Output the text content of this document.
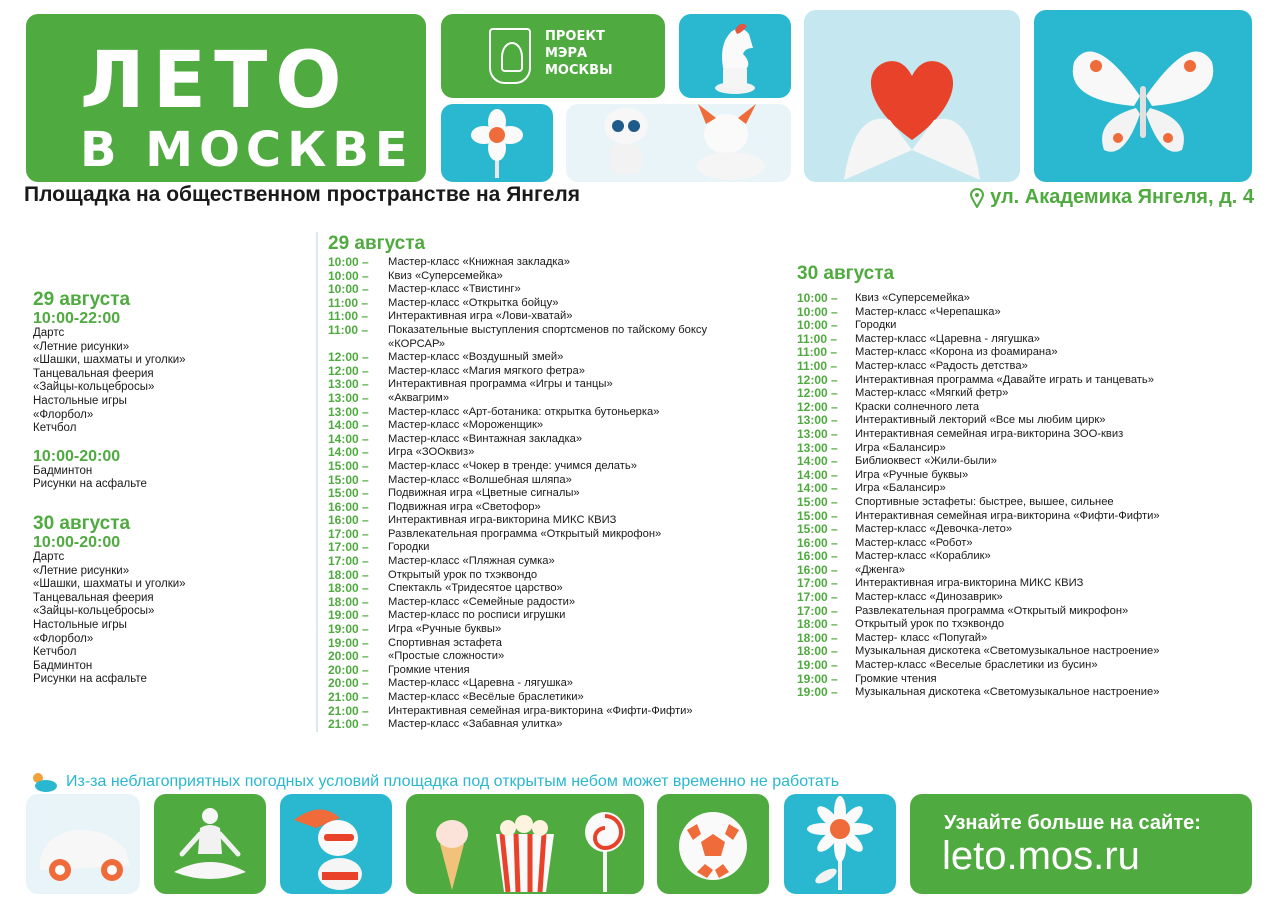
ЛЕТО
В МОСКВЕ
ПРОЕКТ
МЭРА
МОСКВЫ
Площадка на общественном пространстве на Янгеля	ул. Академика Янгеля, д. 4
29 августа
10:00-22:00
Дартс
«Летние рисунки»
«Шашки, шахматы и уголки»
Танцевальная феерия
«Зайцы-кольцебросы»
Настольные игры
«Флорбол»
Кетчбол
10:00-20:00
Бадминтон
Рисунки на асфальте
30 августа
10:00-20:00
Дартс
«Летние рисунки»
«Шашки, шахматы и уголки»
Танцевальная феерия
«Зайцы-кольцебросы»
Настольные игры
«Флорбол»
Кетчбол
Бадминтон
Рисунки на асфальте
29 августа
10:00 –	Мастер-класс «Книжная закладка»
10:00 –	Квиз «Суперсемейка»
10:00 –	Мастер-класс «Твистинг»
11:00 –	Мастер-класс «Открытка бойцу»
11:00 –	Интерактивная игра «Лови-хватай»
11:00 –	Показательные выступления спортсменов по тайскому боксу «КОРСАР»
12:00 –	Мастер-класс «Воздушный змей»
12:00 –	Мастер-класс «Магия мягкого фетра»
13:00 –	Интерактивная программа «Игры и танцы»
13:00 –	«Аквагрим»
13:00 –	Мастер-класс «Арт-ботаника: открытка бутоньерка»
14:00 –	Мастер-класс «Мороженщик»
14:00 –	Мастер-класс «Винтажная закладка»
14:00 –	Игра «ЗООквиз»
15:00 –	Мастер-класс «Чокер в тренде: учимся делать»
15:00 –	Мастер-класс «Волшебная шляпа»
15:00 –	Подвижная игра «Цветные сигналы»
16:00 –	Подвижная игра «Светофор»
16:00 –	Интерактивная игра-викторина МИКС КВИЗ
17:00 –	Развлекательная программа «Открытый микрофон»
17:00 –	Городки
17:00 –	Мастер-класс «Пляжная сумка»
18:00 –	Открытый урок по тхэквондо
18:00 –	Спектакль «Тридесятое царство»
18:00 –	Мастер-класс «Семейные радости»
19:00 –	Мастер-класс по росписи игрушки
19:00 –	Игра «Ручные буквы»
19:00 –	Спортивная эстафета
20:00 –	«Простые сложности»
20:00 –	Громкие чтения
20:00 –	Мастер-класс «Царевна - лягушка»
21:00 –	Мастер-класс «Весёлые браслетики»
21:00 –	Интерактивная семейная игра-викторина «Фифти-Фифти»
21:00 –	Мастер-класс «Забавная улитка»
30 августа
10:00 –	Квиз «Суперсемейка»
10:00 –	Мастер-класс «Черепашка»
10:00 –	Городки
11:00 –	Мастер-класс «Царевна - лягушка»
11:00 –	Мастер-класс «Корона из фоамирана»
11:00 –	Мастер-класс «Радость детства»
12:00 –	Интерактивная программа «Давайте играть и танцевать»
12:00 –	Мастер-класс «Мягкий фетр»
12:00 –	Краски солнечного лета
13:00 –	Интерактивный лекторий «Все мы любим цирк»
13:00 –	Интерактивная семейная игра-викторина ЗОО-квиз
13:00 –	Игра «Балансир»
14:00 –	Библиоквест «Жили-были»
14:00 –	Игра «Ручные буквы»
14:00 –	Игра «Балансир»
15:00 –	Спортивные эстафеты: быстрее, вышее, сильнее
15:00 –	Интерактивная семейная игра-викторина «Фифти-Фифти»
15:00 –	Мастер-класс «Девочка-лето»
16:00 –	Мастер-класс «Робот»
16:00 –	Мастер-класс «Кораблик»
16:00 –	«Дженга»
17:00 –	Интерактивная игра-викторина МИКС КВИЗ
17:00 –	Мастер-класс «Динозаврик»
17:00 –	Развлекательная программа «Открытый микрофон»
18:00 –	Открытый урок по тхэквондо
18:00 –	Мастер- класс «Попугай»
18:00 –	Музыкальная дискотека «Светомузыкальное настроение»
19:00 –	Мастер-класс «Веселые браслетики из бусин»
19:00 –	Громкие чтения
19:00 –	Музыкальная дискотека «Светомузыкальное настроение»
Из-за неблагоприятных погодных условий площадка под открытым небом может временно не работать
Узнайте больше на сайте:
leto.mos.ru
